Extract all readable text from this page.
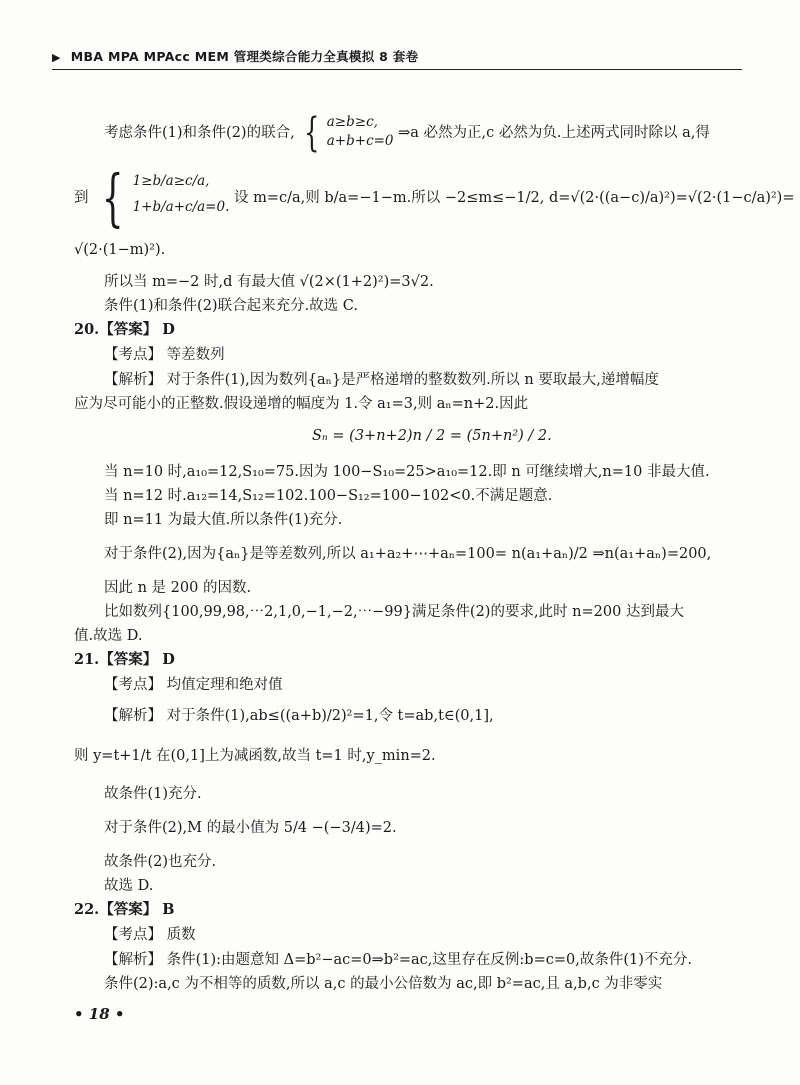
▶ MBA MPA MPAcc MEM 管理类综合能力全真模拟 8 套卷
考虑条件(1)和条件(2)的联合, { a≥b≥c,
a+b+c=0 ⇒a 必然为正,c 必然为负.上述两式同时除以 a,得
到 { 1≥b/a≥c/a,
1+b/a+c/a=0.
设 m=c/a,则 b/a=−1−m.所以 −2≤m≤−1/2, d=√(2·((a−c)/a)²)=√(2·(1−c/a)²)=
√(2·(1−m)²).
所以当 m=−2 时,d 有最大值 √(2×(1+2)²)=3√2.
条件(1)和条件(2)联合起来充分.故选 C.
20.【答案】 D
【考点】 等差数列
【解析】 对于条件(1),因为数列{aₙ}是严格递增的整数数列.所以 n 要取最大,递增幅度
应为尽可能小的正整数.假设递增的幅度为 1.令 a₁=3,则 aₙ=n+2.因此
Sₙ = (3+n+2)n / 2 = (5n+n²) / 2.
当 n=10 时,a₁₀=12,S₁₀=75.因为 100−S₁₀=25>a₁₀=12.即 n 可继续增大,n=10 非最大值.
当 n=12 时.a₁₂=14,S₁₂=102.100−S₁₂=100−102<0.不满足题意.
即 n=11 为最大值.所以条件(1)充分.
对于条件(2),因为{aₙ}是等差数列,所以 a₁+a₂+⋯+aₙ=100= n(a₁+aₙ)/2 ⇒n(a₁+aₙ)=200,
因此 n 是 200 的因数.
比如数列{100,99,98,⋯2,1,0,−1,−2,⋯−99}满足条件(2)的要求,此时 n=200 达到最大
值.故选 D.
21.【答案】 D
【考点】 均值定理和绝对值
【解析】 对于条件(1),ab≤((a+b)/2)²=1,令 t=ab,t∈(0,1],
则 y=t+1/t 在(0,1]上为减函数,故当 t=1 时,y_min=2.
故条件(1)充分.
对于条件(2),M 的最小值为 5/4 −(−3/4)=2.
故条件(2)也充分.
故选 D.
22.【答案】 B
【考点】 质数
【解析】 条件(1):由题意知 Δ=b²−ac=0⇒b²=ac,这里存在反例:b=c=0,故条件(1)不充分.
条件(2):a,c 为不相等的质数,所以 a,c 的最小公倍数为 ac,即 b²=ac,且 a,b,c 为非零实
• 18 •
